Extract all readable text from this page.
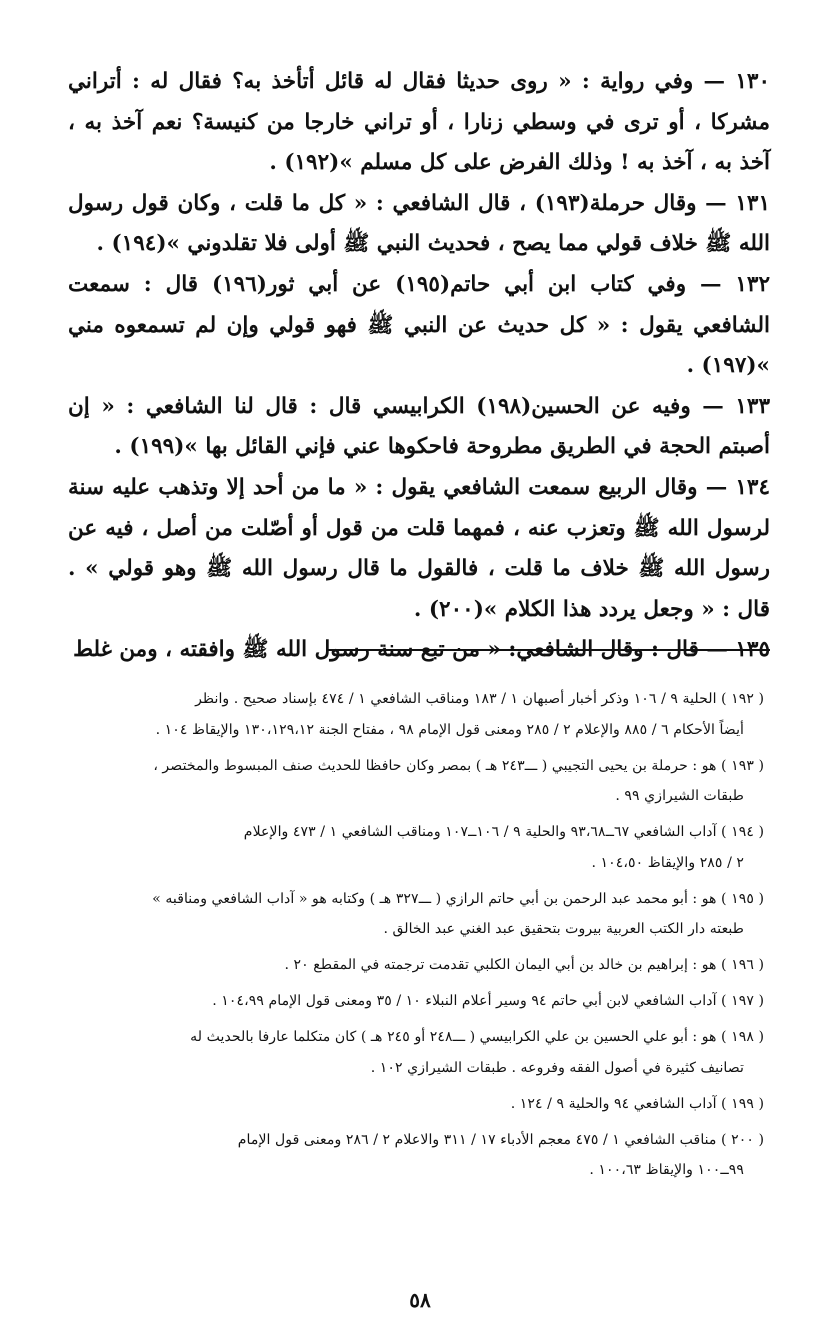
١٣٠ — وفي رواية : « روى حديثا فقال له قائل أتأخذ به؟ فقال له : أتراني مشركا ، أو ترى في وسطي زنارا ، أو تراني خارجا من كنيسة؟ نعم آخذ به ، آخذ به ، آخذ به ! وذلك الفرض على كل مسلم »(١٩٢) .

١٣١ — وقال حرملة(١٩٣) ، قال الشافعي : « كل ما قلت ، وكان قول رسول الله ﷺ خلاف قولي مما يصح ، فحديث النبي ﷺ أولى فلا تقلدوني »(١٩٤) .

١٣٢ — وفي كتاب ابن أبي حاتم(١٩٥) عن أبي ثور(١٩٦) قال : سمعت الشافعي يقول : « كل حديث عن النبي ﷺ فهو قولي وإن لم تسمعوه مني »(١٩٧) .

١٣٣ — وفيه عن الحسين(١٩٨) الكرابيسي قال : قال لنا الشافعي : « إن أصبتم الحجة في الطريق مطروحة فاحكوها عني فإني القائل بها »(١٩٩) .

١٣٤ — وقال الربيع سمعت الشافعي يقول : « ما من أحد إلا وتذهب عليه سنة لرسول الله ﷺ وتعزب عنه ، فمهما قلت من قول أو أصّلت من أصل ، فيه عن رسول الله ﷺ خلاف ما قلت ، فالقول ما قال رسول الله ﷺ وهو قولي » . قال : « وجعل يردد هذا الكلام »(٢٠٠) .

١٣٥ — قال : وقال الشافعي: « من تبع سنة رسول الله ﷺ وافقته ، ومن غلط

( ١٩٢ ) الحلية ٩ / ١٠٦ وذكر أخبار أصبهان ١ / ١٨٣ ومناقب الشافعي ١ / ٤٧٤ بإسناد صحيح . وانظر
أيضاً الأحكام ٦ / ٨٨٥ والإعلام ٢ / ٢٨٥ ومعنى قول الإمام ٩٨ ، مفتاح الجنة ١٣٠،١٢٩،١٢ والإيقاظ ١٠٤ .
( ١٩٣ ) هو : حرملة بن يحيى التجيبي ( ـــ٢٤٣ هـ ) بمصر وكان حافظا للحديث صنف المبسوط والمختصر ،
طبقات الشيرازي ٩٩ .
( ١٩٤ ) آداب الشافعي ٦٧ــ٩٣،٦٨ والحلية ٩ / ١٠٦ــ١٠٧ ومناقب الشافعي ١ / ٤٧٣ والإعلام
٢ / ٢٨٥ والإيقاظ ١٠٤،٥٠ .
( ١٩٥ ) هو : أبو محمد عبد الرحمن بن أبي حاتم الرازي ( ـــ٣٢٧ هـ ) وكتابه هو « آداب الشافعي ومناقبه »
طبعته دار الكتب العربية بيروت بتحقيق عبد الغني عبد الخالق .
( ١٩٦ ) هو : إبراهيم بن خالد بن أبي اليمان الكلبي تقدمت ترجمته في المقطع ٢٠ .
( ١٩٧ ) آداب الشافعي لابن أبي حاتم ٩٤ وسير أعلام النبلاء ١٠ / ٣٥ ومعنى قول الإمام ١٠٤،٩٩ .
( ١٩٨ ) هو : أبو علي الحسين بن علي الكرابيسي ( ـــ٢٤٨ أو ٢٤٥ هـ ) كان متكلما عارفا بالحديث له
تصانيف كثيرة في أصول الفقه وفروعه . طبقات الشيرازي ١٠٢ .
( ١٩٩ ) آداب الشافعي ٩٤ والحلية ٩ / ١٢٤ .
( ٢٠٠ ) مناقب الشافعي ١ / ٤٧٥ معجم الأدباء ١٧ / ٣١١ والاعلام ٢ / ٢٨٦ ومعنى قول الإمام
٩٩ــ١٠٠ والإيقاظ ١٠٠،٦٣ .
٥٨
